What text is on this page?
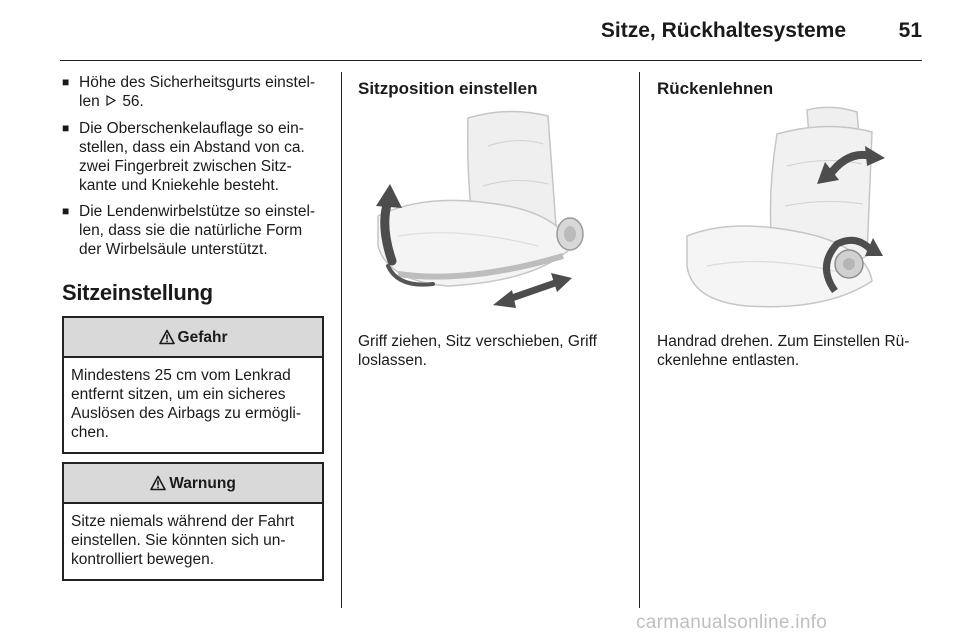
Sitze, Rückhaltesysteme	51
■ Höhe des Sicherheitsgurts einstel-len 56.
■ Die Oberschenkelauflage so ein-stellen, dass ein Abstand von ca. zwei Fingerbreit zwischen Sitz-kante und Kniekehle besteht.
■ Die Lendenwirbelstütze so einstel-len, dass sie die natürliche Form der Wirbelsäule unterstützt.
Sitzeinstellung
Gefahr
Mindestens 25 cm vom Lenkrad entfernt sitzen, um ein sicheres Auslösen des Airbags zu ermögli-chen.
Warnung
Sitze niemals während der Fahrt einstellen. Sie könnten sich un-kontrolliert bewegen.
Sitzposition einstellen
Griff ziehen, Sitz verschieben, Griff loslassen.
Rückenlehnen
Handrad drehen. Zum Einstellen Rü-ckenlehne entlasten.
carmanualsonline.info
